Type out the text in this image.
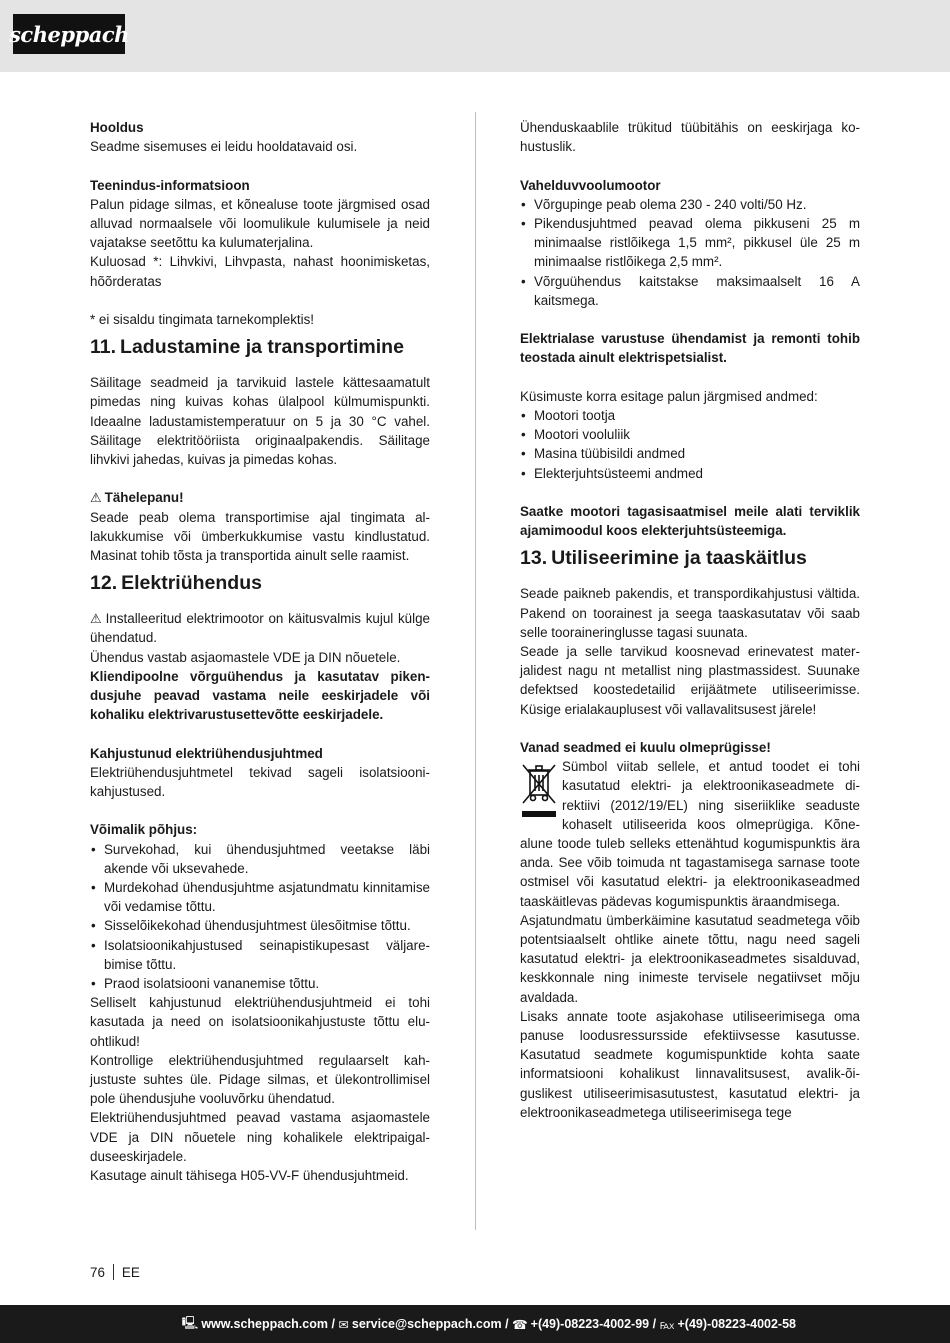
scheppach

Hooldus

Seadme sisemuses ei leidu hooldatavaid osi.

Teenindus-informatsioon

Palun pidage silmas, et kõnealuse toote järgmised osad alluvad normaalsele või loomulikule kulumisele ja neid vajatakse seetõttu ka kulumaterjalina.

Kuluosad *: Lihvkivi, Lihvpasta, nahast hoonimisketas, hõõrderatas

* ei sisaldu tingimata tarnekomplektis!

11. Ladustamine ja transportimine

Säilitage seadmeid ja tarvikuid lastele kättesaamatult pimedas ning kuivas kohas ülalpool külmumispunkti. Ideaalne ladustamistemperatuur on 5 ja 30 °C vahel. Säilitage elektritööriista originaalpakendis. Säilitage lihvkivi jahedas, kuivas ja pimedas kohas.

⚠ Tähelepanu!

Seade peab olema transportimise ajal tingimata allakukkumise või ümberkukkumise vastu kindlustatud. Masinat tohib tõsta ja transportida ainult selle raamist.

12. Elektriühendus

⚠ Installeeritud elektrimootor on käitusvalmis kujul külge ühendatud.

Ühendus vastab asjaomastele VDE ja DIN nõuetele.

Kliendipoolne võrguühendus ja kasutatav pikendusjuhe peavad vastama neile eeskirjadele või kohaliku elektrivarustusettevõtte eeskirjadele.

Kahjustunud elektriühendusjuhtmed

Elektriühendusjuhtmetel tekivad sageli isolatsioonikahjustused.

Võimalik põhjus:

• Survekohad, kui ühendusjuhtmed veetakse läbi akende või uksevahede.
• Murdekohad ühendusjuhtme asjatundmatu kinnitamise või vedamise tõttu.
• Sisselõikekohad ühendusjuhtmest ülesõitmise tõttu.
• Isolatsioonikahjustused seinapistikupesast väljarebimise tõttu.
• Praod isolatsiooni vananemise tõttu.

Selliselt kahjustunud elektriühendusjuhtmeid ei tohi kasutada ja need on isolatsioonikahjustuste tõttu eluohtlikud!

Kontrollige elektriühendusjuhtmed regulaarselt kahjustuste suhtes üle. Pidage silmas, et ülekontrollimisel pole ühendusjuhe vooluvõrku ühendatud.

Elektriühendusjuhtmed peavad vastama asjaomastele VDE ja DIN nõuetele ning kohalikele elektripaigalduseeskirjadele.

Kasutage ainult tähisega H05-VV-F ühendusjuhtmeid.

Ühenduskaablile trükitud tüübitähis on eeskirjaga kohustuslik.

Vahelduvvoolumootor

• Võrgupinge peab olema 230 - 240 volti/50 Hz.
• Pikendusjuhtmed peavad olema pikkuseni 25 m minimaalse ristlõikega 1,5 mm², pikkusel üle 25 m minimaalse ristlõikega 2,5 mm².
• Võrguühendus kaitstakse maksimaalselt 16 A kaitsmega.

Elektrialase varustuse ühendamist ja remonti tohib teostada ainult elektrispetsialist.

Küsimuste korra esitage palun järgmised andmed:

• Mootori tootja
• Mootori vooluliik
• Masina tüübisildi andmed
• Elekterjuhtsüsteemi andmed

Saatke mootori tagasisaatmisel meile alati terviklik ajamimoodul koos elekterjuhtsüsteemiga.

13. Utiliseerimine ja taaskäitlus

Seade paikneb pakendis, et transpordikahjustusi vältida. Pakend on toorainest ja seega taaskasutatav või saab selle tooraineringlusse tagasi suunata.

Seade ja selle tarvikud koosnevad erinevatest materjalidest nagu nt metallist ning plastmassidest. Suunake defektsed koostedetailid erijäätmete utiliseerimisse. Küsige erialakauplusest või vallavalitsusest järele!

Vanad seadmed ei kuulu olmeprügisse!

Sümbol viitab sellele, et antud toodet ei tohi kasutatud elektri- ja elektroonikaseadmete direktiivi (2012/19/EL) ning siseriiklike seaduste kohaselt utiliseerida koos olmeprügiga. Kõnealune toode tuleb selleks ettenähtud kogumispunktis ära anda. See võib toimuda nt tagastamisega sarnase toote ostmisel või kasutatud elektri- ja elektroonikaseadmed taaskäitlevas pädevas kogumispunktis äraandmisega.

Asjatundmatu ümberkäimine kasutatud seadmetega võib potentsiaalselt ohtlike ainete tõttu, nagu need sageli kasutatud elektri- ja elektroonikaseadmetes sisalduvad, keskkonnale ning inimeste tervisele negatiivset mõju avaldada.

Lisaks annate toote asjakohase utiliseerimisega oma panuse loodusressursside efektiivsesse kasutusse. Kasutatud seadmete kogumispunktide kohta saate informatsiooni kohalikust linnavalitsusest, avalik-õiguslikest utiliseerimisasutustest, kasutatud elektri- ja elektroonikaseadmetega utiliseerimisega tege

76 EE
🖳 www.scheppach.com / ✉ service@scheppach.com / ☎ +(49)-08223-4002-99 / ℻ +(49)-08223-4002-58
